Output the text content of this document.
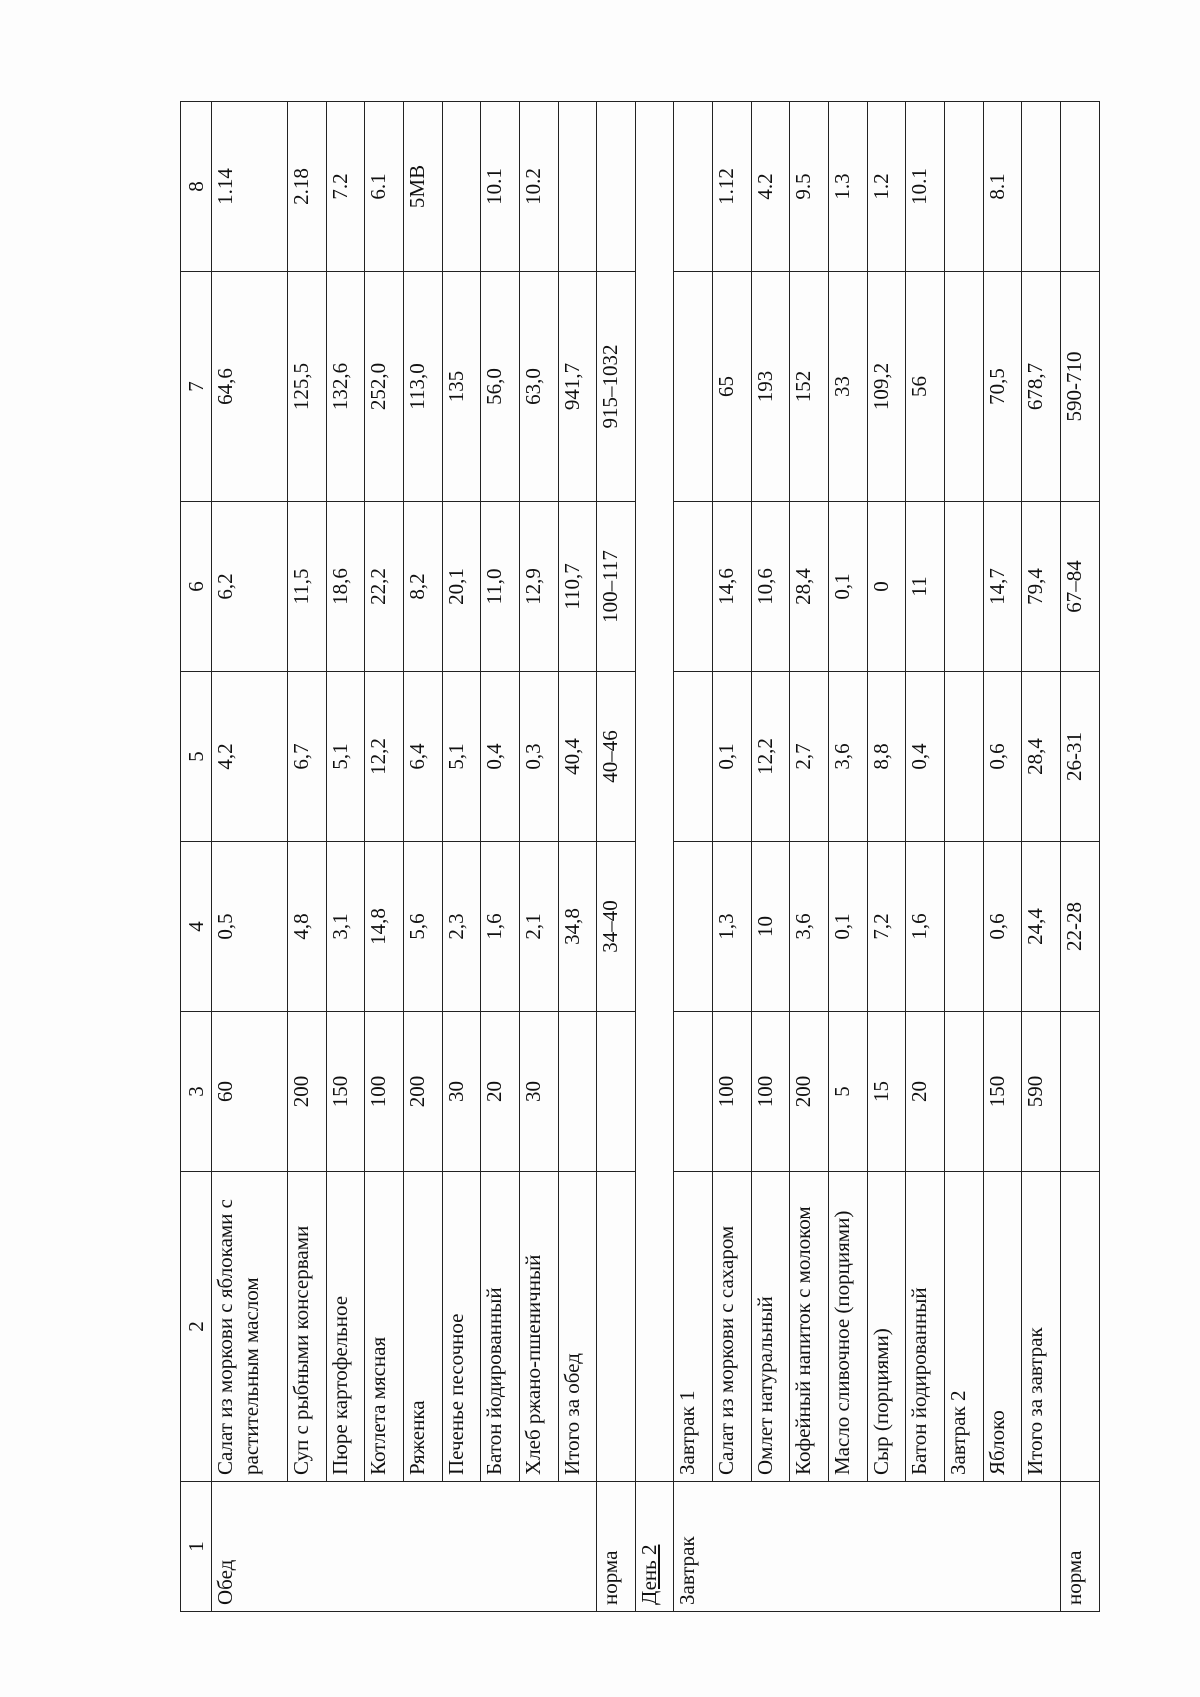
1	2	3	4	5	6	7	8
Обед	Салат из моркови с яблоками с растительным маслом	60	0,5	4,2	6,2	64,6	1.14
	Суп с рыбными консервами	200	4,8	6,7	11,5	125,5	2.18
	Пюре картофельное	150	3,1	5,1	18,6	132,6	7.2
	Котлета мясная	100	14,8	12,2	22,2	252,0	6.1
	Ряженка	200	5,6	6,4	8,2	113,0	5МВ
	Печенье песочное	30	2,3	5,1	20,1	135	
	Батон йодированный	20	1,6	0,4	11,0	56,0	10.1
	Хлеб ржано-пшеничный	30	2,1	0,3	12,9	63,0	10.2
	Итого за обед		34,8	40,4	110,7	941,7	
норма			34–40	40–46	100–117	915–1032	
День 2							
Завтрак	Завтрак 1						
	Салат из моркови с сахаром	100	1,3	0,1	14,6	65	1.12
	Омлет натуральный	100	10	12,2	10,6	193	4.2
	Кофейный напиток с молоком	200	3,6	2,7	28,4	152	9.5
	Масло сливочное (порциями)	5	0,1	3,6	0,1	33	1.3
	Сыр (порциями)	15	7,2	8,8	0	109,2	1.2
	Батон йодированный	20	1,6	0,4	11	56	10.1
	Завтрак 2						
	Яблоко	150	0,6	0,6	14,7	70,5	8.1
	Итого за завтрак	590	24,4	28,4	79,4	678,7	
норма			22-28	26-31	67–84	590-710	
